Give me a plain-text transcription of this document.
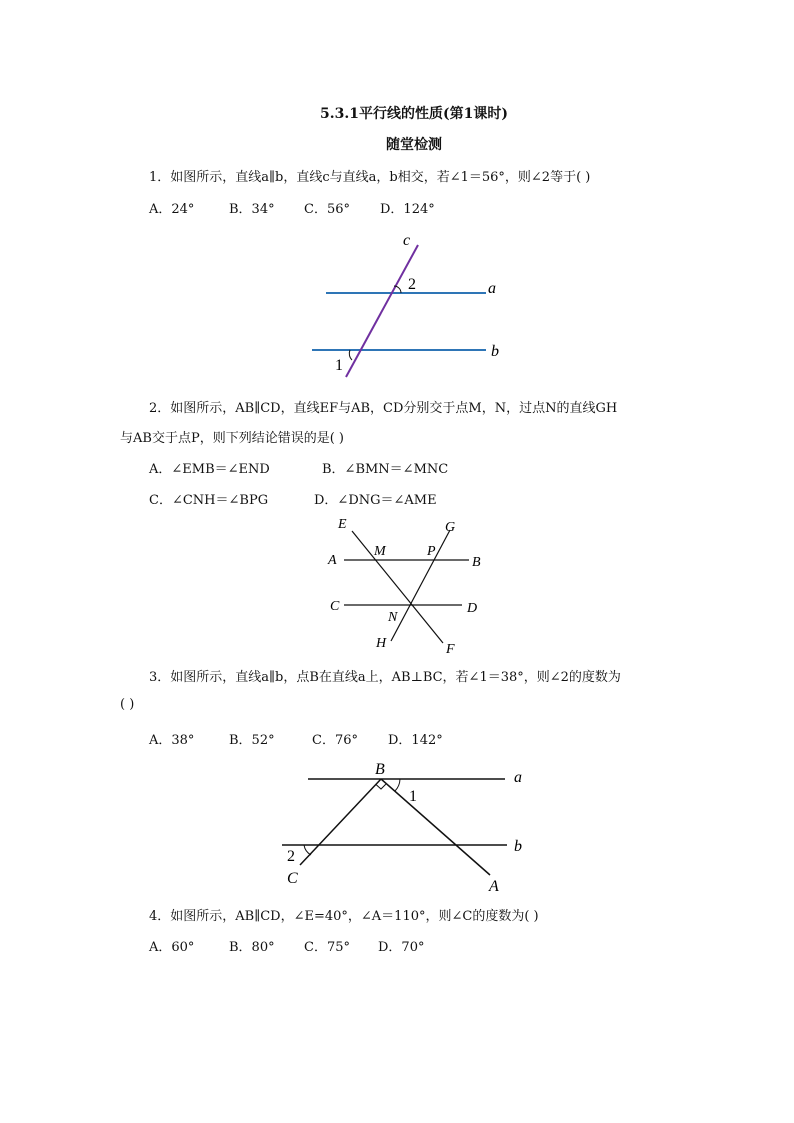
5.3.1平行线的性质(第1课时)
随堂检测
1．如图所示，直线a∥b，直线c与直线a，b相交，若∠1＝56°，则∠2等于( )
A．24°	B．34° C．56° D．124°
c
2	a
b
1
2．如图所示，AB∥CD，直线EF与AB，CD分别交于点M，N，过点N的直线GH
与AB交于点P，则下列结论错误的是( )
A．∠EMB＝∠END	B．∠BMN＝∠MNC
C．∠CNH＝∠BPG	D．∠DNG＝∠AME
E	G
A
M	P
B
C
N
D
H	F
3．如图所示，直线a∥b，点B在直线a上，AB⊥BC，若∠1＝38°，则∠2的度数为
( )
A．38°	B．52°	C．76° D．142°
B	a
1
b
2
C	A
4．如图所示，AB∥CD，∠E=40°，∠A＝110°，则∠C的度数为( )
A．60°	B．80° C．75° D．70°
